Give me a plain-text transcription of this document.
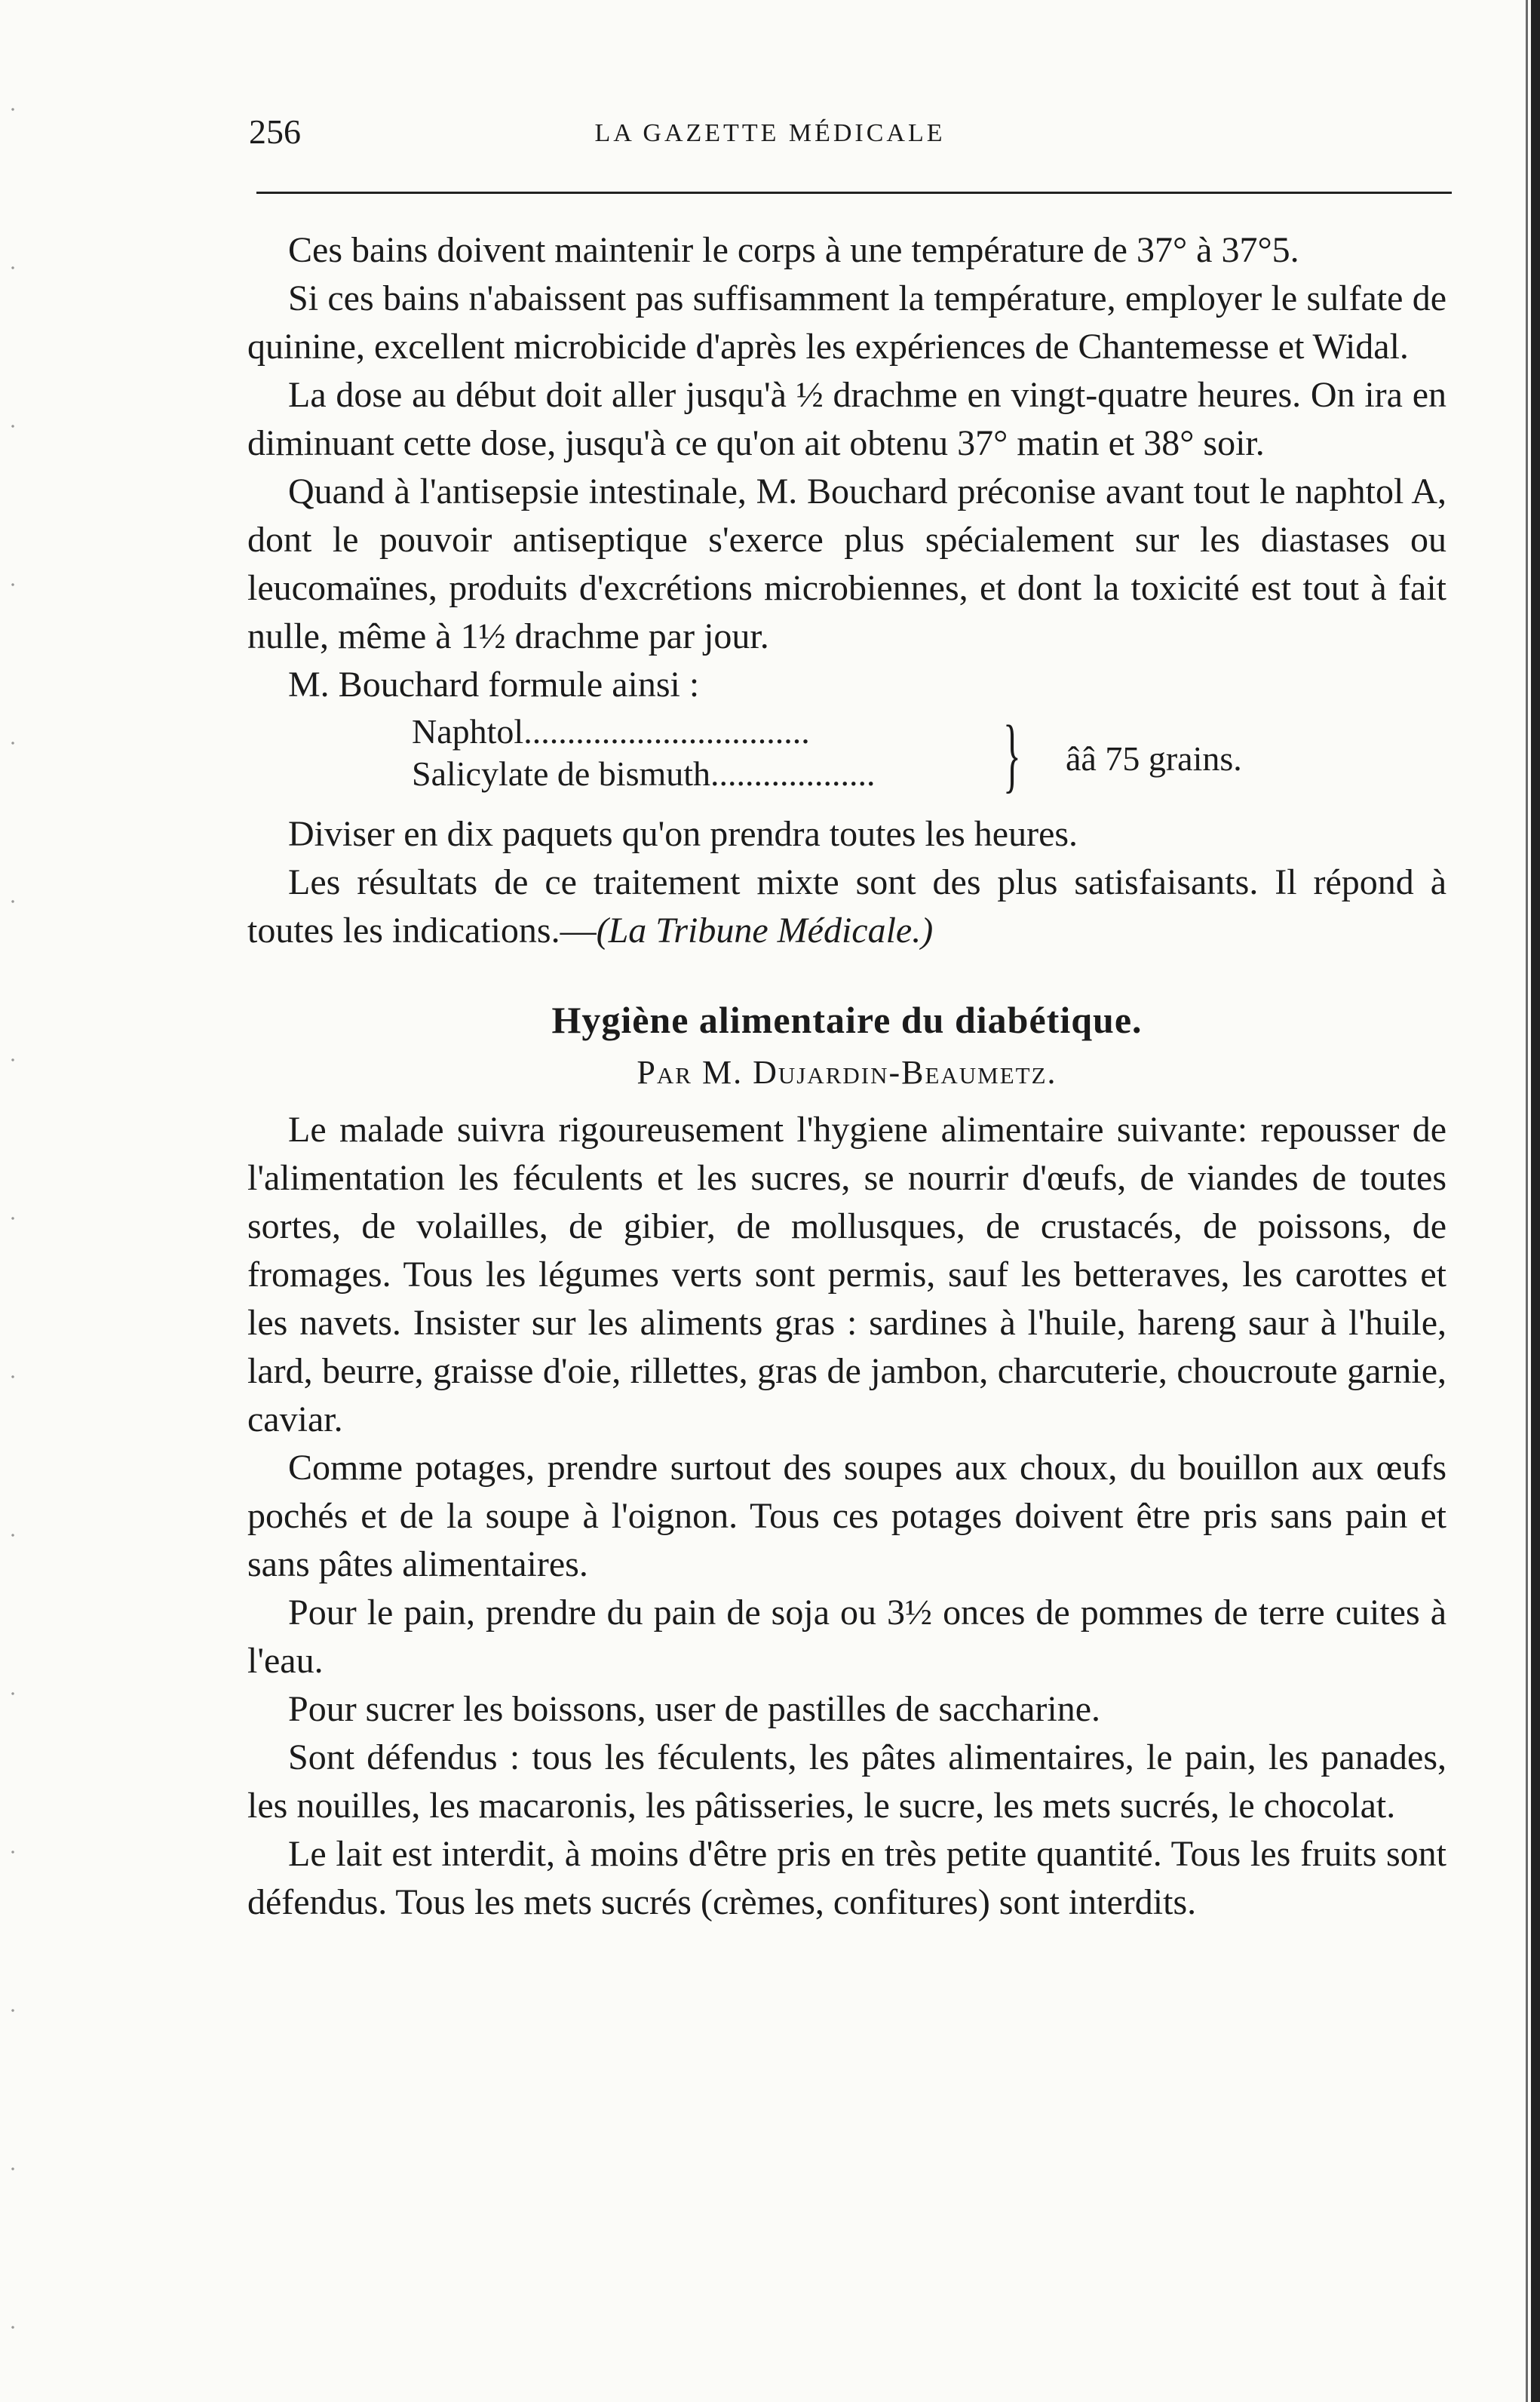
256	LA GAZETTE MÉDICALE

Ces bains doivent maintenir le corps à une température de 37° à 37°5.

Si ces bains n'abaissent pas suffisamment la température, employer le sulfate de quinine, excellent microbicide d'après les expériences de Chantemesse et Widal.

La dose au début doit aller jusqu'à ½ drachme en vingt-quatre heures. On ira en diminuant cette dose, jusqu'à ce qu'on ait obtenu 37° matin et 38° soir.

Quand à l'antisepsie intestinale, M. Bouchard préconise avant tout le naphtol A, dont le pouvoir antiseptique s'exerce plus spécialement sur les diastases ou leucomaïnes, produits d'excrétions microbiennes, et dont la toxicité est tout à fait nulle, même à 1½ drachme par jour.

M. Bouchard formule ainsi :

Naphtol.................................
Salicylate de bismuth................... } ââ 75 grains.

Diviser en dix paquets qu'on prendra toutes les heures.

Les résultats de ce traitement mixte sont des plus satisfaisants. Il répond à toutes les indications.—(La Tribune Médicale.)

Hygiène alimentaire du diabétique.
Par M. Dujardin-Beaumetz.

Le malade suivra rigoureusement l'hygiene alimentaire suivante: repousser de l'alimentation les féculents et les sucres, se nourrir d'œufs, de viandes de toutes sortes, de volailles, de gibier, de mollusques, de crustacés, de poissons, de fromages. Tous les légumes verts sont permis, sauf les betteraves, les carottes et les navets. Insister sur les aliments gras : sardines à l'huile, hareng saur à l'huile, lard, beurre, graisse d'oie, rillettes, gras de jambon, charcuterie, choucroute garnie, caviar.

Comme potages, prendre surtout des soupes aux choux, du bouillon aux œufs pochés et de la soupe à l'oignon. Tous ces potages doivent être pris sans pain et sans pâtes alimentaires.

Pour le pain, prendre du pain de soja ou 3½ onces de pommes de terre cuites à l'eau.

Pour sucrer les boissons, user de pastilles de saccharine.

Sont défendus : tous les féculents, les pâtes alimentaires, le pain, les panades, les nouilles, les macaronis, les pâtisseries, le sucre, les mets sucrés, le chocolat.

Le lait est interdit, à moins d'être pris en très petite quantité. Tous les fruits sont défendus. Tous les mets sucrés (crèmes, confitures) sont interdits.
